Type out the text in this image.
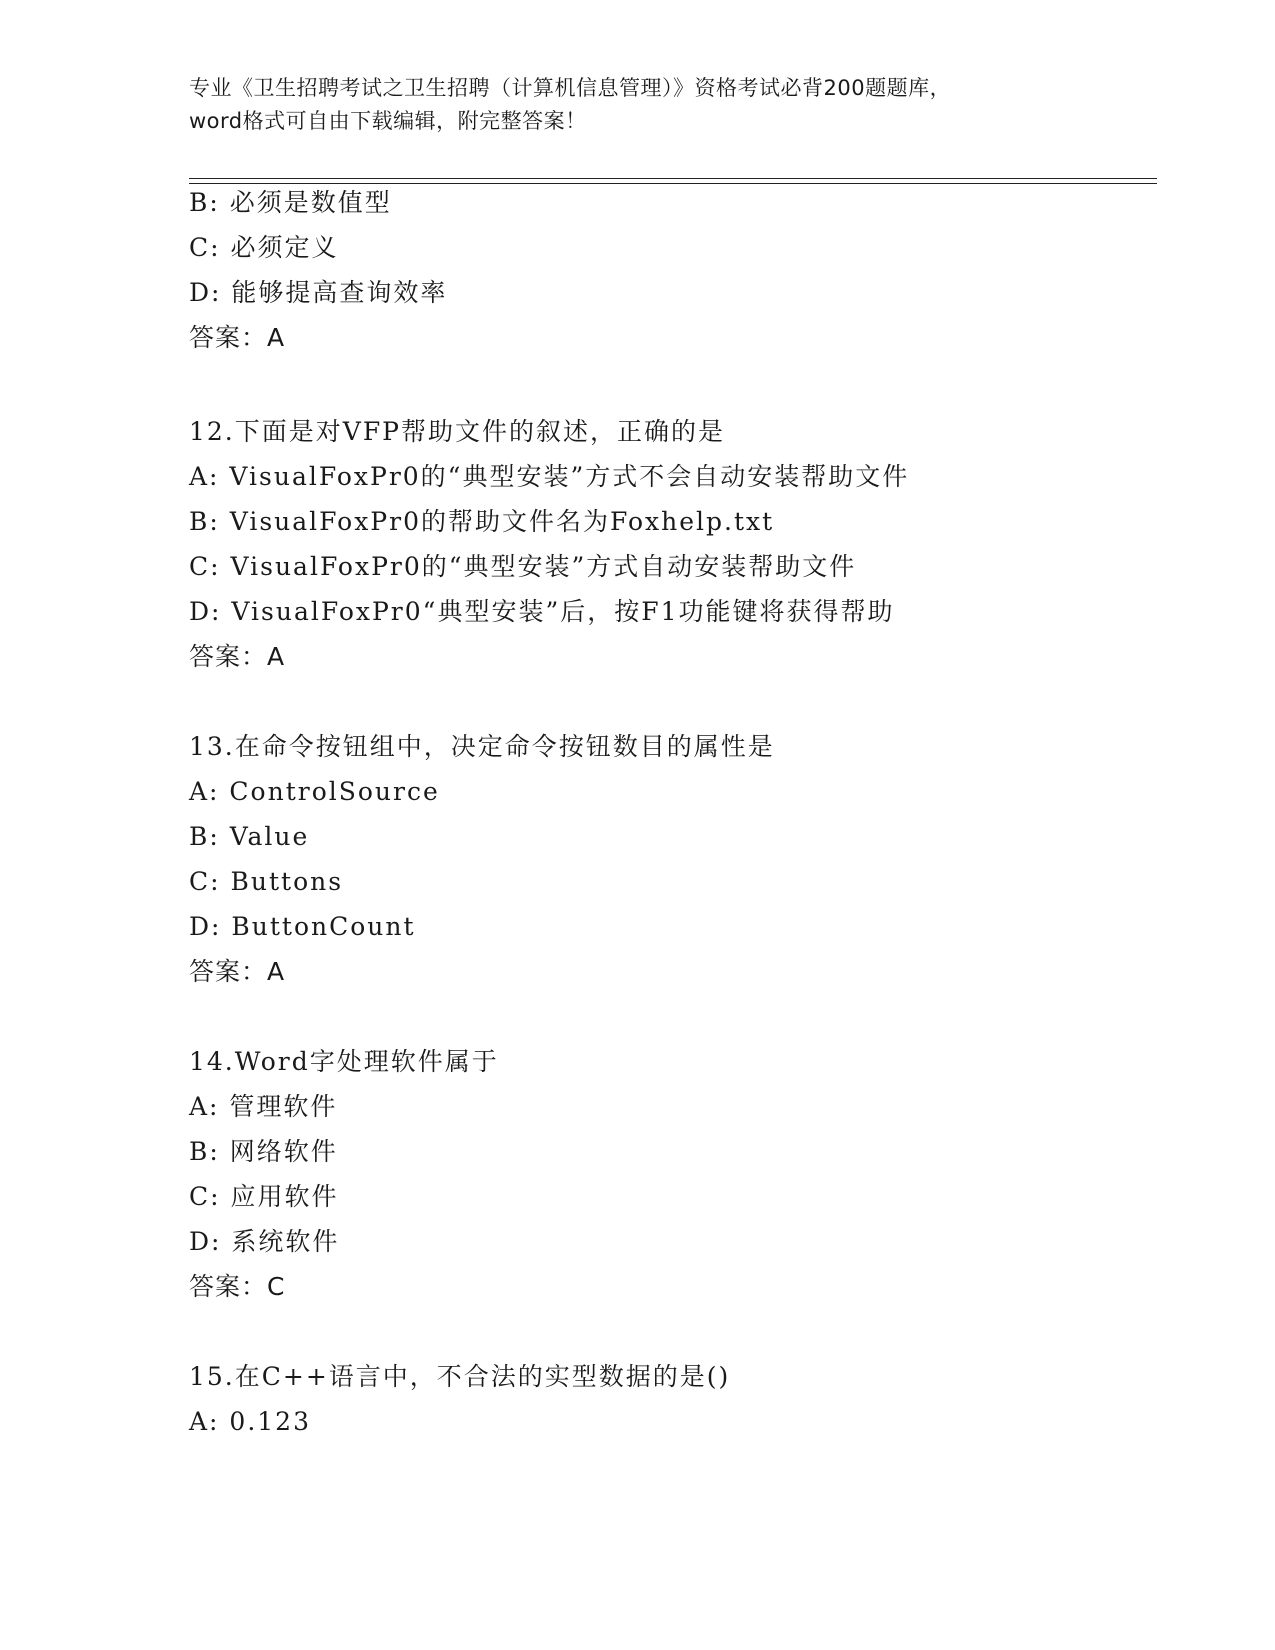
专业《卫生招聘考试之卫生招聘（计算机信息管理）》资格考试必背200题题库，
word格式可自由下载编辑，附完整答案！
B: 必须是数值型
C: 必须定义
D: 能够提高查询效率
答案：A
12.下面是对VFP帮助文件的叙述，正确的是
A: VisualFoxPr0的“典型安装”方式不会自动安装帮助文件
B: VisualFoxPr0的帮助文件名为Foxhelp.txt
C: VisualFoxPr0的“典型安装”方式自动安装帮助文件
D: VisualFoxPr0“典型安装”后，按F1功能键将获得帮助
答案：A
13.在命令按钮组中，决定命令按钮数目的属性是
A: ControlSource
B: Value
C: Buttons
D: ButtonCount
答案：A
14.Word字处理软件属于
A: 管理软件
B: 网络软件
C: 应用软件
D: 系统软件
答案：C
15.在C++语言中，不合法的实型数据的是()
A: 0.123
